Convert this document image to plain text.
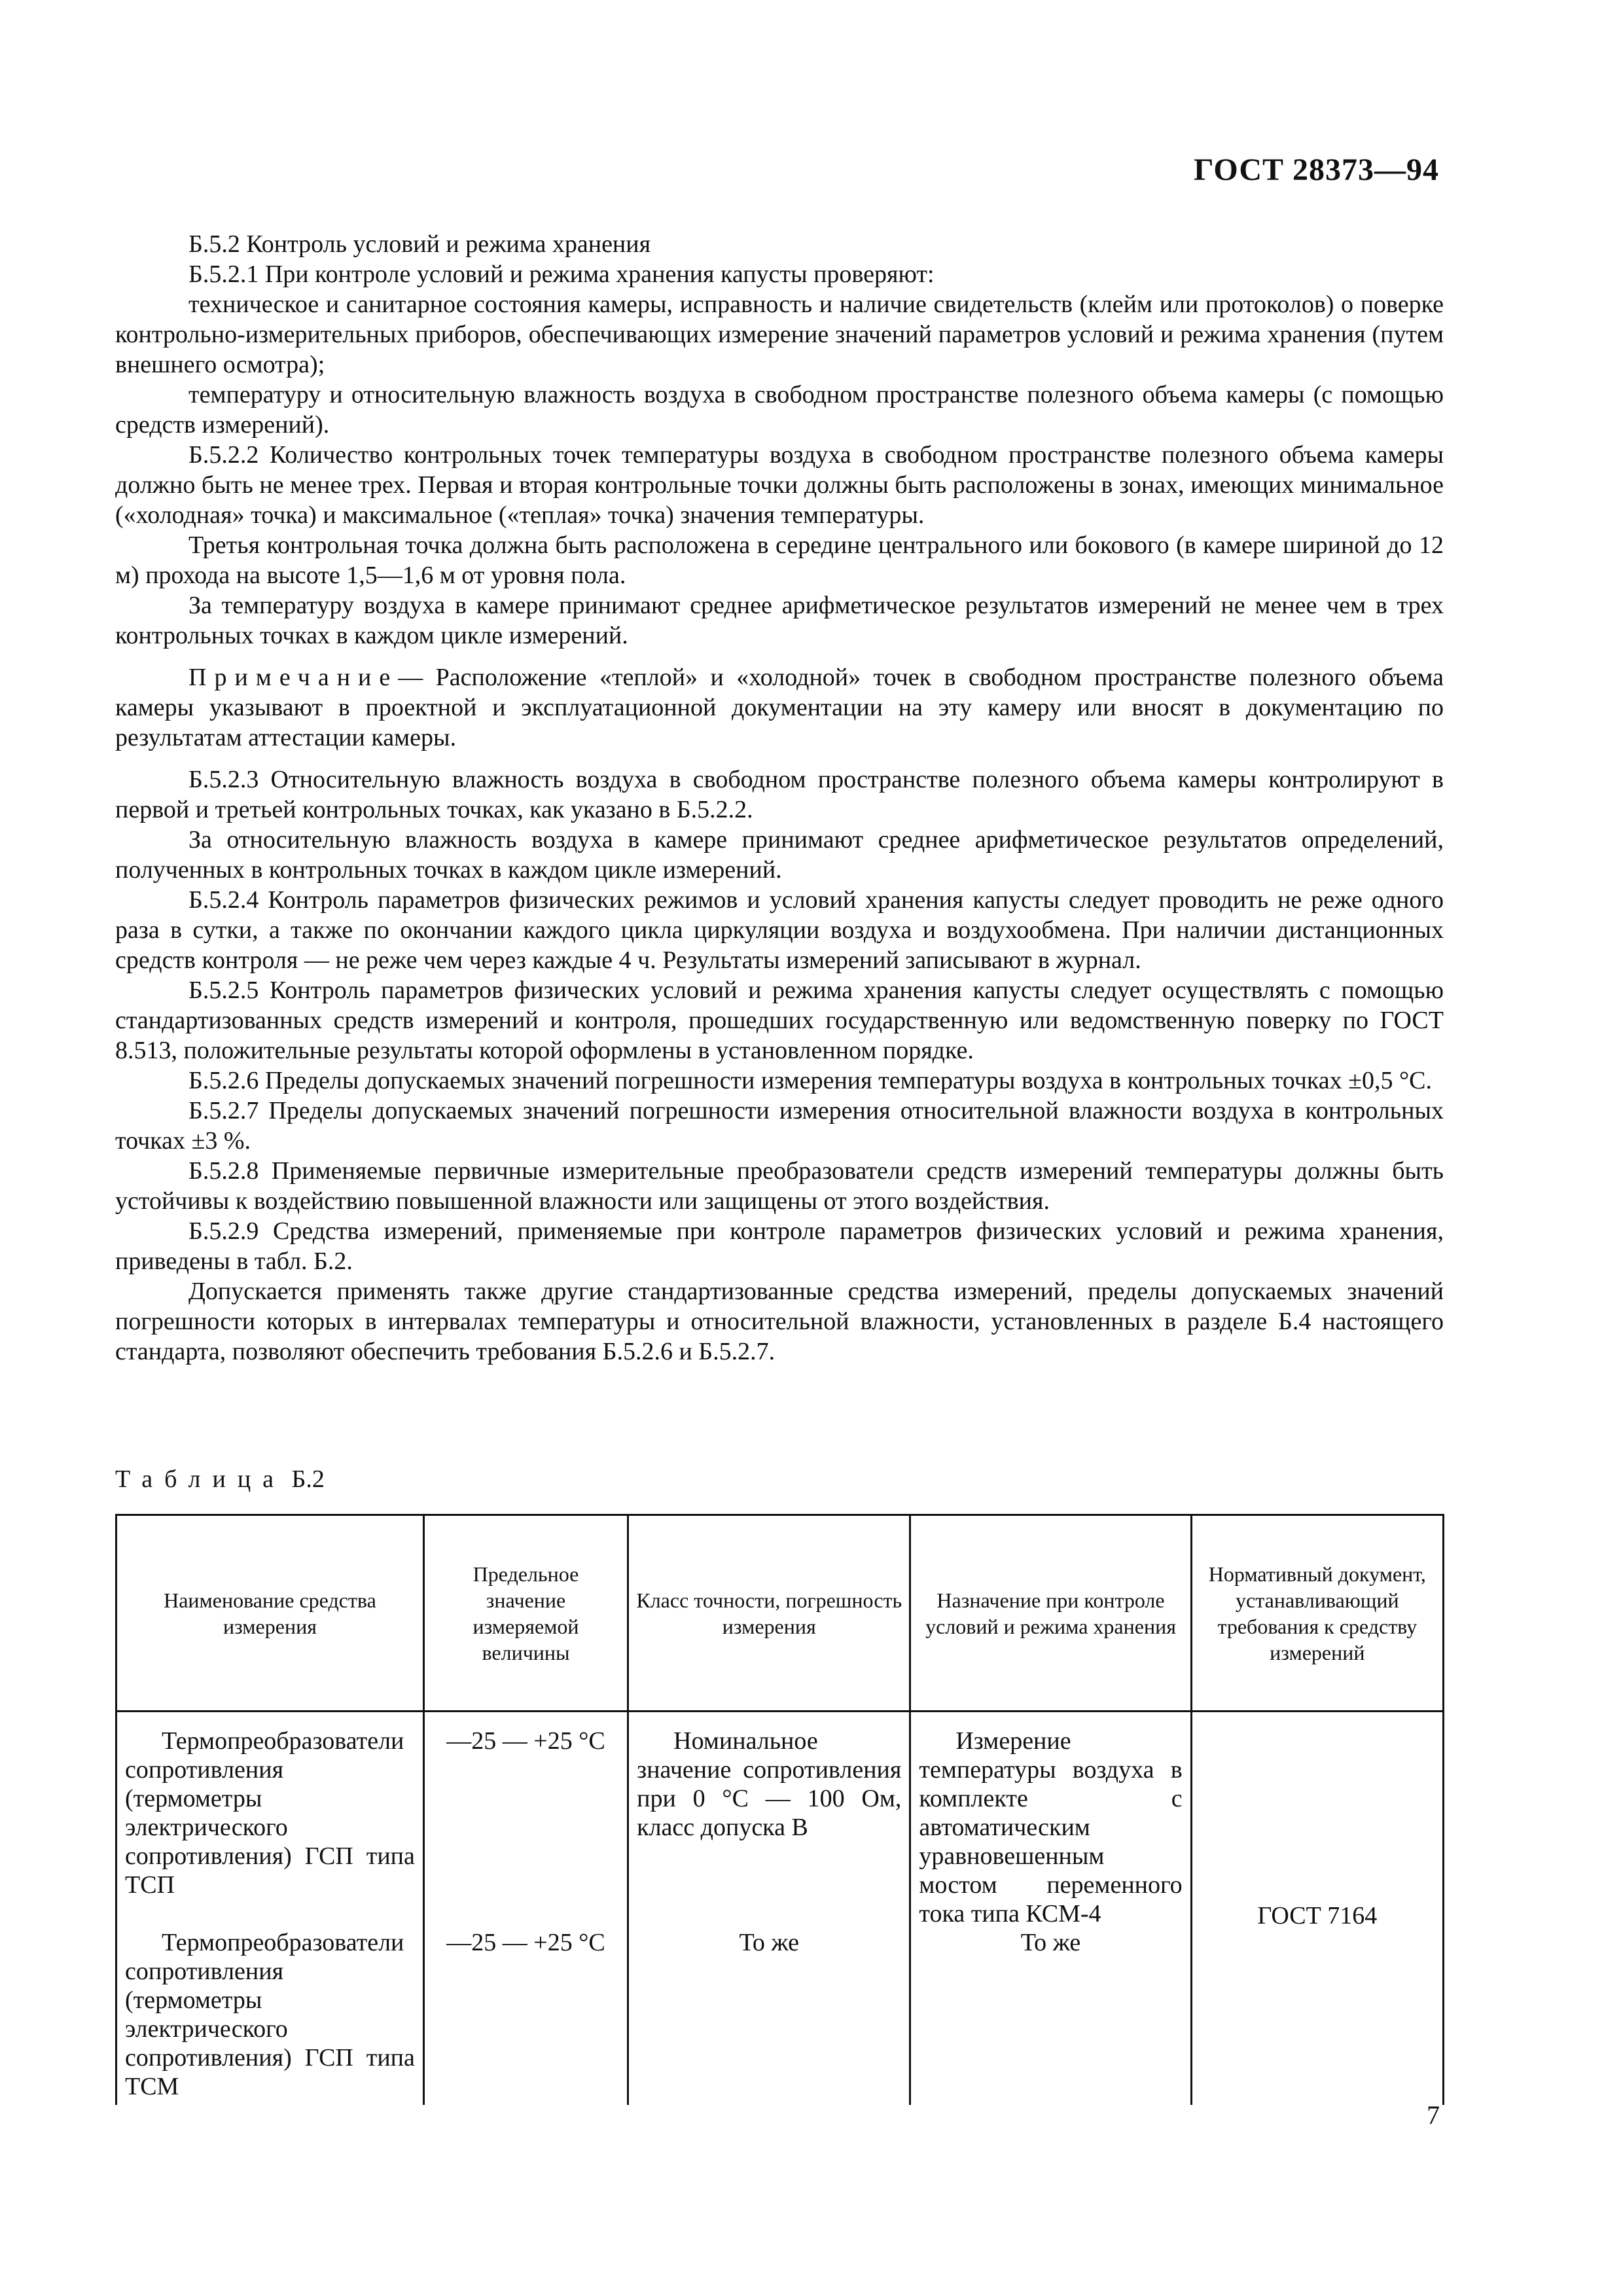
ГОСТ 28373—94

Б.5.2 Контроль условий и режима хранения

Б.5.2.1 При контроле условий и режима хранения капусты проверяют:

техническое и санитарное состояния камеры, исправность и наличие свидетельств (клейм или протоколов) о поверке контрольно-измерительных приборов, обеспечивающих измерение значений параметров условий и режима хранения (путем внешнего осмотра);

температуру и относительную влажность воздуха в свободном пространстве полезного объема камеры (с помощью средств измерений).

Б.5.2.2 Количество контрольных точек температуры воздуха в свободном пространстве полезного объема камеры должно быть не менее трех. Первая и вторая контрольные точки должны быть расположены в зонах, имеющих минимальное («холодная» точка) и максимальное («теплая» точка) значения температуры.

Третья контрольная точка должна быть расположена в середине центрального или бокового (в камере шириной до 12 м) прохода на высоте 1,5—1,6 м от уровня пола.

За температуру воздуха в камере принимают среднее арифметическое результатов измерений не менее чем в трех контрольных точках в каждом цикле измерений.

Примечание— Расположение «теплой» и «холодной» точек в свободном пространстве полезного объема камеры указывают в проектной и эксплуатационной документации на эту камеру или вносят в документацию по результатам аттестации камеры.

Б.5.2.3 Относительную влажность воздуха в свободном пространстве полезного объема камеры контролируют в первой и третьей контрольных точках, как указано в Б.5.2.2.

За относительную влажность воздуха в камере принимают среднее арифметическое результатов определений, полученных в контрольных точках в каждом цикле измерений.

Б.5.2.4 Контроль параметров физических режимов и условий хранения капусты следует проводить не реже одного раза в сутки, а также по окончании каждого цикла циркуляции воздуха и воздухообмена. При наличии дистанционных средств контроля — не реже чем через каждые 4 ч. Результаты измерений записывают в журнал.

Б.5.2.5 Контроль параметров физических условий и режима хранения капусты следует осуществлять с помощью стандартизованных средств измерений и контроля, прошедших государственную или ведомственную поверку по ГОСТ 8.513, положительные результаты которой оформлены в установленном порядке.

Б.5.2.6 Пределы допускаемых значений погрешности измерения температуры воздуха в контрольных точках ±0,5 °С.

Б.5.2.7 Пределы допускаемых значений погрешности измерения относительной влажности воздуха в контрольных точках ±3 %.

Б.5.2.8 Применяемые первичные измерительные преобразователи средств измерений температуры должны быть устойчивы к воздействию повышенной влажности или защищены от этого воздействия.

Б.5.2.9 Средства измерений, применяемые при контроле параметров физических условий и режима хранения, приведены в табл. Б.2.

Допускается применять также другие стандартизованные средства измерений, пределы допускаемых значений погрешности которых в интервалах температуры и относительной влажности, установленных в разделе Б.4 настоящего стандарта, позволяют обеспечить требования Б.5.2.6 и Б.5.2.7.

Таблица Б.2
Наименование средства измерения	Предельное значение измеряемой величины	Класс точности, погрешность измерения	Назначение при контроле условий и режима хранения	Нормативный документ, устанавливающий требования к средству измерений

Термопреобразователи сопротивления (термометры электрического сопротивления) ГСП типа ТСП	—25 — +25 °С	Номинальное значение сопротивления при 0 °С — 100 Ом, класс допуска В	Измерение температуры воздуха в комплекте с автоматическим уравновешенным мостом переменного тока типа КСМ-4	ГОСТ 7164

Термопреобразователи сопротивления (термометры электрического сопротивления) ГСП типа ТСМ	—25 — +25 °С	То же	То же	
7
